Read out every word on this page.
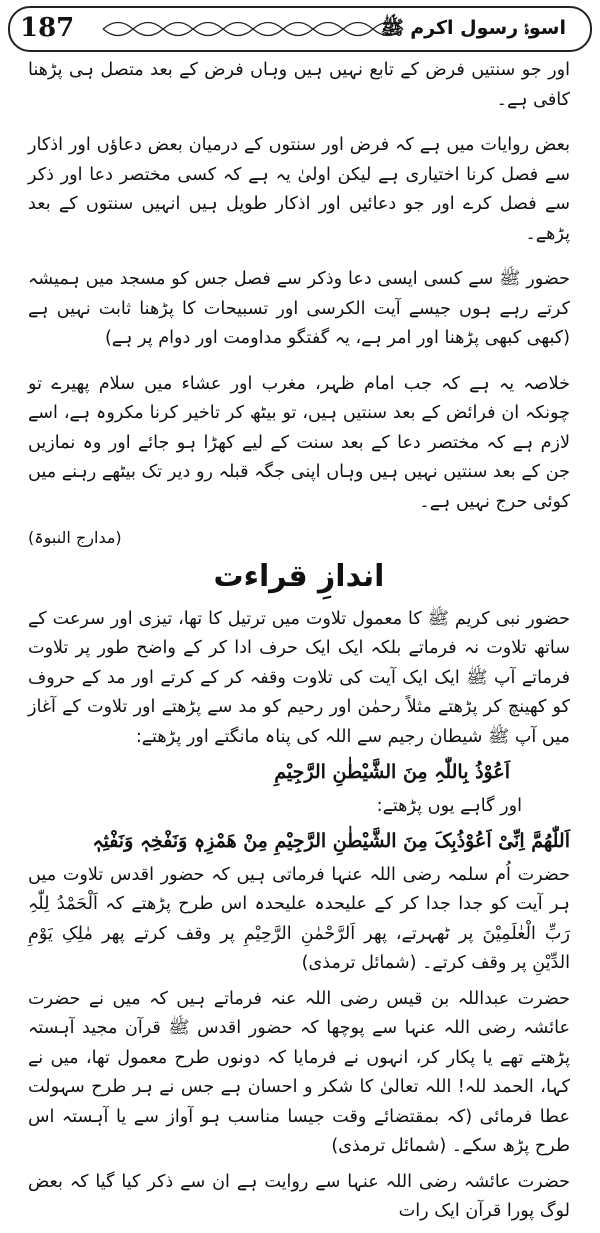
187	اسوۂ رسول اکرم ﷺ

اور جو سنتیں فرض کے تابع نہیں ہیں وہاں فرض کے بعد متصل ہی پڑھنا کافی ہے۔

بعض روایات میں ہے کہ فرض اور سنتوں کے درمیان بعض دعاؤں اور اذکار سے فصل کرنا اختیاری ہے لیکن اولیٰ یہ ہے کہ کسی مختصر دعا اور ذکر سے فصل کرے اور جو دعائیں اور اذکار طویل ہیں انہیں سنتوں کے بعد پڑھے۔

حضور ﷺ سے کسی ایسی دعا وذکر سے فصل جس کو مسجد میں ہمیشہ کرتے رہے ہوں جیسے آیت الکرسی اور تسبیحات کا پڑھنا ثابت نہیں ہے (کبھی کبھی پڑھنا اور امر ہے، یہ گفتگو مداومت اور دوام پر ہے)

خلاصہ یہ ہے کہ جب امام ظہر، مغرب اور عشاء میں سلام پھیرے تو چونکہ ان فرائض کے بعد سنتیں ہیں، تو بیٹھ کر تاخیر کرنا مکروہ ہے، اسے لازم ہے کہ مختصر دعا کے بعد سنت کے لیے کھڑا ہو جائے اور وہ نمازیں جن کے بعد سنتیں نہیں ہیں وہاں اپنی جگہ قبلہ رو دیر تک بیٹھے رہنے میں کوئی حرج نہیں ہے۔

(مدارج النبوۃ)

اندازِ قراءت

حضور نبی کریم ﷺ کا معمول تلاوت میں ترتیل کا تھا، تیزی اور سرعت کے ساتھ تلاوت نہ فرماتے بلکہ ایک ایک حرف ادا کر کے واضح طور پر تلاوت فرماتے آپ ﷺ ایک ایک آیت کی تلاوت وقفہ کر کے کرتے اور مد کے حروف کو کھینچ کر پڑھتے مثلاً رحمٰن اور رحیم کو مد سے پڑھتے اور تلاوت کے آغاز میں آپ ﷺ شیطان رجیم سے اللہ کی پناہ مانگتے اور پڑھتے:

اَعُوْذُ بِاللّٰہِ مِنَ الشَّیْطٰنِ الرَّجِیْمِ

اور گاہے یوں پڑھتے:

اَللّٰھُمَّ اِنِّیْ اَعُوْذُبِکَ مِنَ الشَّیْطٰنِ الرَّجِیْمِ مِنْ ھَمْزِہٖ وَنَفْخِہٖ وَنَفْثِہٖ

حضرت اُم سلمہ رضی اللہ عنہا فرماتی ہیں کہ حضور اقدس تلاوت میں ہر آیت کو جدا جدا کر کے علیحدہ علیحدہ اس طرح پڑھتے کہ اَلْحَمْدُ لِلّٰہِ رَبِّ الْعٰلَمِیْنَ پر ٹھہرتے، پھر اَلرَّحْمٰنِ الرَّحِیْمِ پر وقف کرتے پھر مٰلِکِ یَوْمِ الدِّیْنِ پر وقف کرتے۔ (شمائل ترمذی)

حضرت عبداللہ بن قیس رضی اللہ عنہ فرماتے ہیں کہ میں نے حضرت عائشہ رضی اللہ عنہا سے پوچھا کہ حضور اقدس ﷺ قرآن مجید آہستہ پڑھتے تھے یا پکار کر، انہوں نے فرمایا کہ دونوں طرح معمول تھا، میں نے کہا، الحمد للہ! اللہ تعالیٰ کا شکر و احسان ہے جس نے ہر طرح سہولت عطا فرمائی (کہ بمقتضائے وقت جیسا مناسب ہو آواز سے یا آہستہ اس طرح پڑھ سکے۔ (شمائل ترمذی)

حضرت عائشہ رضی اللہ عنہا سے روایت ہے ان سے ذکر کیا گیا کہ بعض لوگ پورا قرآن ایک رات
